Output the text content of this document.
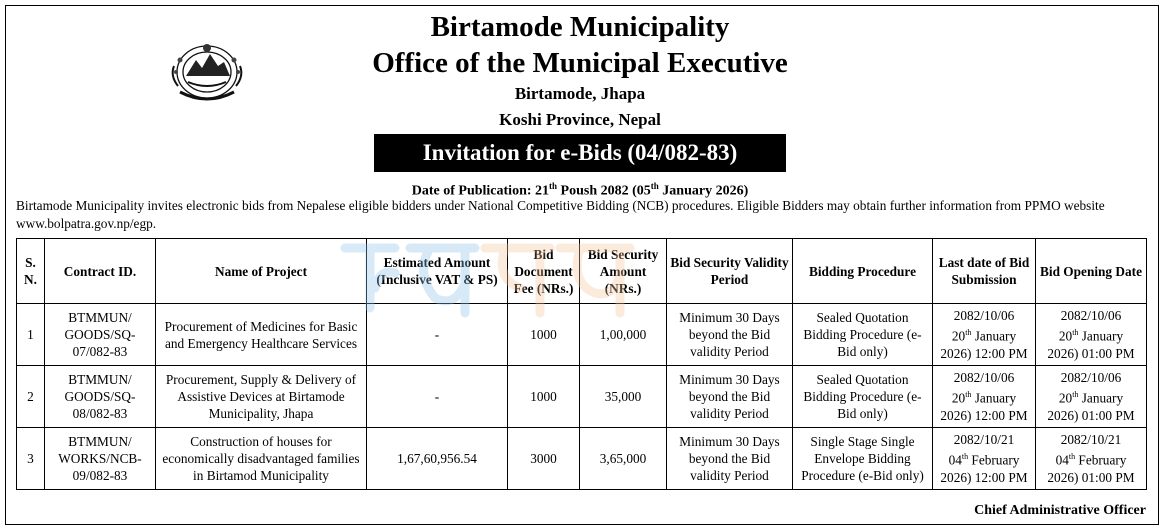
Birtamode Municipality
Office of the Municipal Executive
Birtamode, Jhapa
Koshi Province, Nepal
Invitation for e-Bids (04/082-83)
Date of Publication: 21th Poush 2082 (05th January 2026)
Birtamode Municipality invites electronic bids from Nepalese eligible bidders under National Competitive Bidding (NCB) procedures. Eligible Bidders may obtain further information from PPMO website www.bolpatra.gov.np/egp.
S. N.	Contract ID.	Name of Project	Estimated Amount (Inclusive VAT & PS)	Bid Document Fee (NRs.)	Bid Security Amount (NRs.)	Bid Security Validity Period	Bidding Procedure	Last date of Bid Submission	Bid Opening Date
1	BTMMUN/ GOODS/SQ- 07/082-83	Procurement of Medicines for Basic and Emergency Healthcare Services	-	1000	1,00,000	Minimum 30 Days beyond the Bid validity Period	Sealed Quotation Bidding Procedure (e-Bid only)	2082/10/06
20th January
2026) 12:00 PM	2082/10/06
20th January
2026) 01:00 PM

2	BTMMUN/ GOODS/SQ- 08/082-83	Procurement, Supply & Delivery of Assistive Devices at Birtamode Municipality, Jhapa	-	1000	35,000	Minimum 30 Days beyond the Bid validity Period	Sealed Quotation Bidding Procedure (e-Bid only)	2082/10/06
20th January
2026) 12:00 PM	2082/10/06
20th January
2026) 01:00 PM

3	BTMMUN/ WORKS/NCB- 09/082-83	Construction of houses for economically disadvantaged families in Birtamod Municipality	1,67,60,956.54	3000	3,65,000	Minimum 30 Days beyond the Bid validity Period	Single Stage Single Envelope Bidding Procedure (e-Bid only)	2082/10/21
04th February
2026) 12:00 PM	2082/10/21
04th February
2026) 01:00 PM
Chief Administrative Officer
